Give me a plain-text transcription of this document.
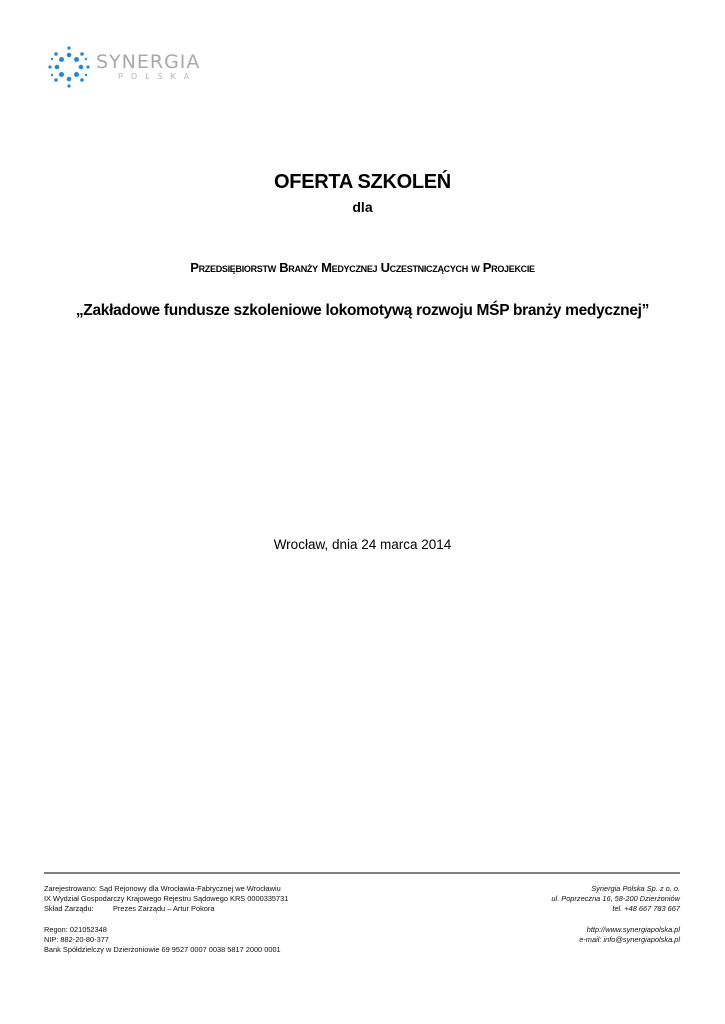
SYNERGIA
POLSKA
OFERTA SZKOLEŃ
dla
Przedsiębiorstw Branży Medycznej Uczestniczących w Projekcie
„Zakładowe fundusze szkoleniowe lokomotywą rozwoju MŚP branży medycznej”
Wrocław, dnia 24 marca 2014
Zarejestrowano: Sąd Rejonowy dla Wrocławia-Fabrycznej we Wrocławiu
IX Wydział Gospodarczy Krajowego Rejestru Sądowego KRS 0000335731
Skład Zarządu:	Prezes Zarządu – Artur Pokora
Regon: 021052348
NIP: 882-20-80-377
Bank Spółdzielczy w Dzierżoniowie 69 9527 0007 0038 5817 2000 0001
Synergia Polska Sp. z o. o.
ul. Poprzeczna 16, 58-200 Dzierżoniów
tel. +48 667 783 667
http://www.synergiapolska.pl
e-mail: info@synergiapolska.pl
